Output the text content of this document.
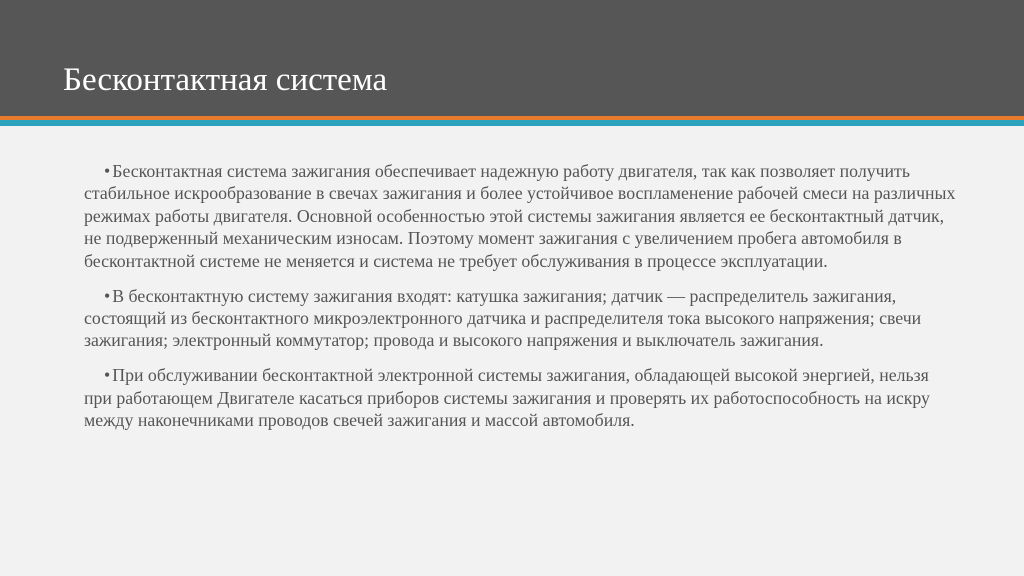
Бесконтактная система

• Бесконтактная система зажигания обеспечивает надежную работу двигателя, так как позволяет получить стабильное искрообразование в свечах зажигания и более устойчивое воспламенение рабочей смеси на различных режимах работы двигателя. Основной особенностью этой системы зажигания является ее бесконтактный датчик, не подверженный механическим износам. Поэтому момент зажигания с увеличением пробега автомобиля в бесконтактной системе не меняется и система не требует обслуживания в процессе эксплуатации.

• В бесконтактную систему зажигания входят: катушка зажигания; датчик — распределитель зажигания, состоящий из бесконтактного микроэлектронного датчика и распределителя тока высокого напряжения; свечи зажигания; электронный коммутатор; провода и высокого напряжения и выключатель зажигания.

• При обслуживании бесконтактной электронной системы зажигания, обладающей высокой энергией, нельзя при работающем Двигателе касаться приборов системы зажигания и проверять их работоспособность на искру между наконечниками проводов свечей зажигания и массой автомобиля.
